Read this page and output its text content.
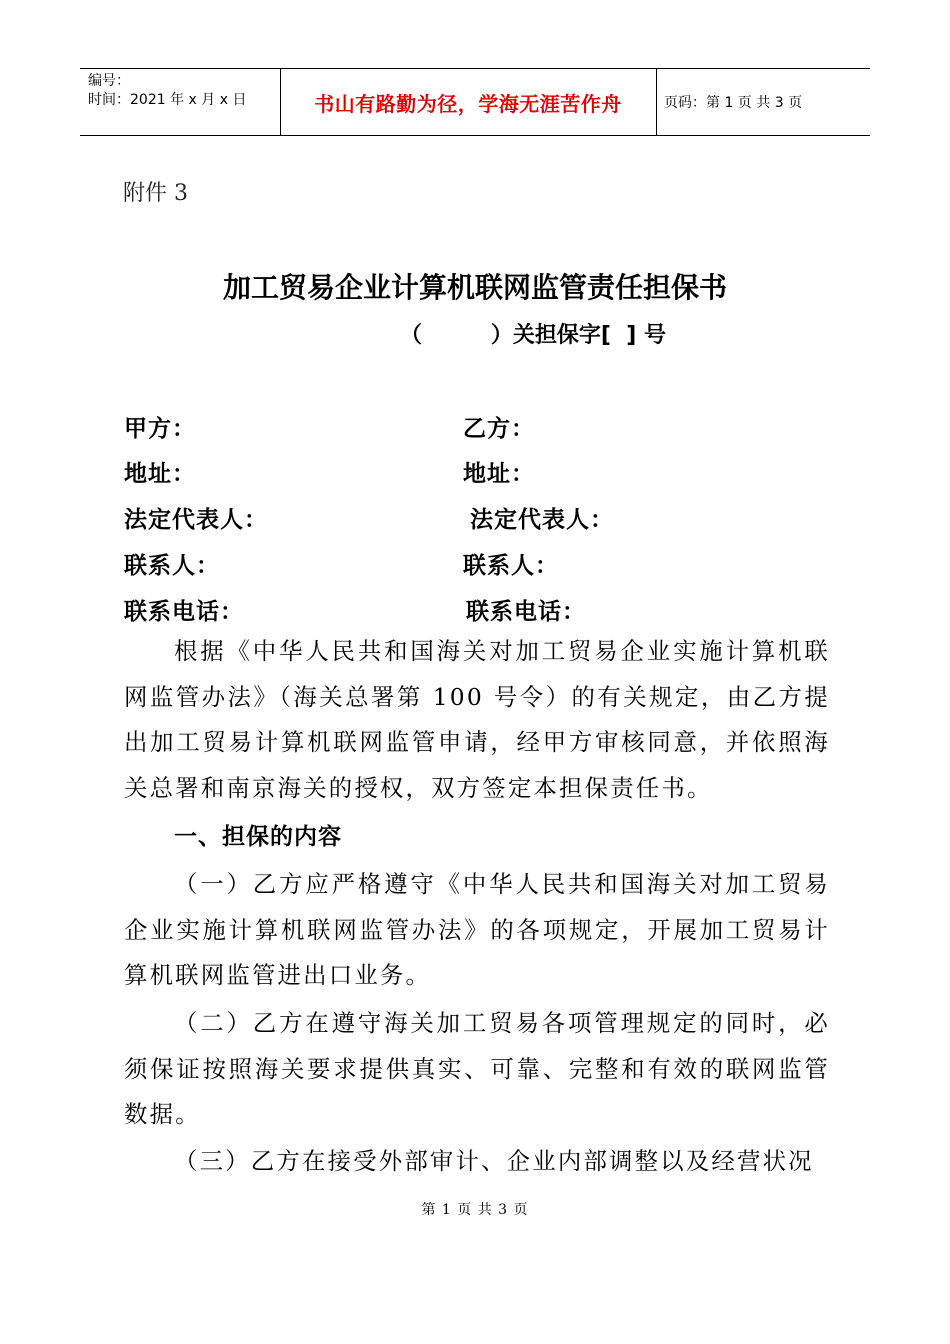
编号：
时间：2021 年 x 月 x 日	书山有路勤为径，学海无涯苦作舟	页码：第 1 页 共 3 页
附件 3
加工贸易企业计算机联网监管责任担保书
（         ）关担保字[  ] 号
甲方：	乙方：
地址：	地址：
法定代表人：	法定代表人：
联系人：	联系人：
联系电话：	联系电话：

根据《中华人民共和国海关对加工贸易企业实施计算机联网监管办法》（海关总署第 100 号令）的有关规定，由乙方提出加工贸易计算机联网监管申请，经甲方审核同意，并依照海关总署和南京海关的授权，双方签定本担保责任书。

一、担保的内容

（一）乙方应严格遵守《中华人民共和国海关对加工贸易企业实施计算机联网监管办法》的各项规定，开展加工贸易计算机联网监管进出口业务。

（二）乙方在遵守海关加工贸易各项管理规定的同时，必须保证按照海关要求提供真实、可靠、完整和有效的联网监管数据。

（三）乙方在接受外部审计、企业内部调整以及经营状况

第 1 页 共 3 页
